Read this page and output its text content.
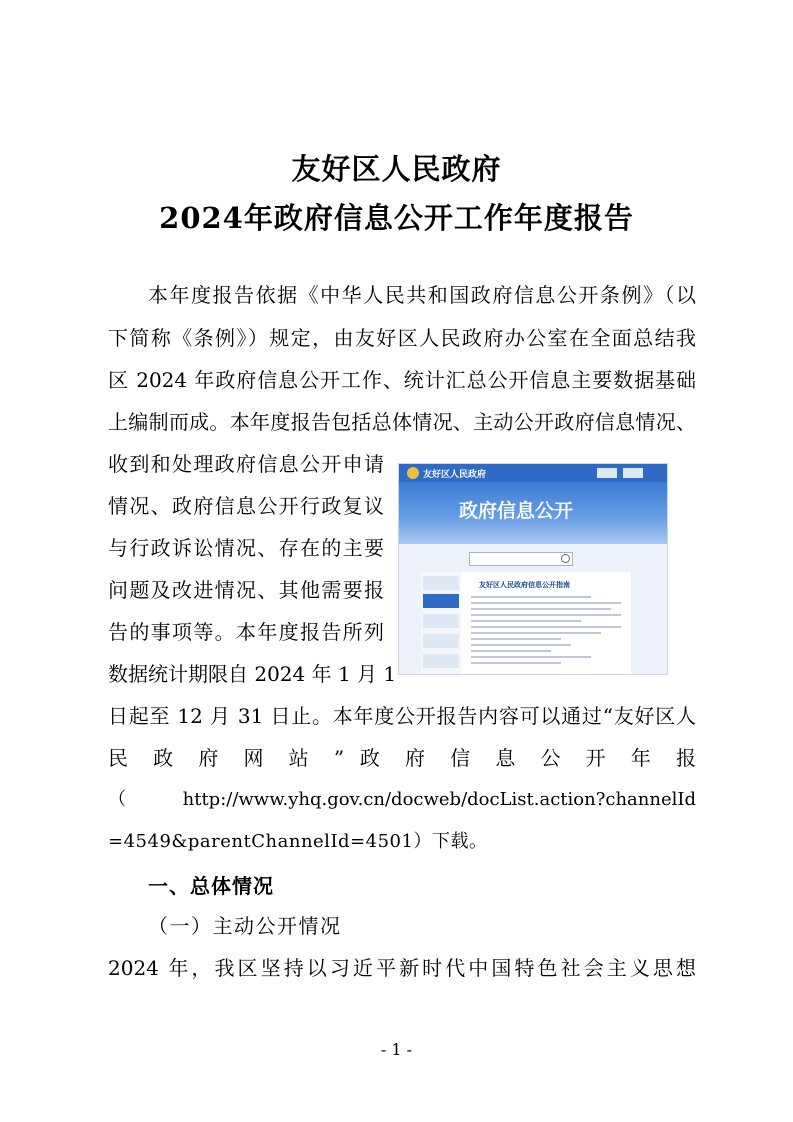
友好区人民政府
2024年政府信息公开工作年度报告
本年度报告依据《中华人民共和国政府信息公开条例》（以
下简称《条例》）规定，由友好区人民政府办公室在全面总结我
区 2024 年政府信息公开工作、统计汇总公开信息主要数据基础
上编制而成。本年度报告包括总体情况、主动公开政府信息情况、
收到和处理政府信息公开申请
情况、政府信息公开行政复议
与行政诉讼情况、存在的主要
问题及改进情况、其他需要报
告的事项等。本年度报告所列
数据统计期限自 2024 年 1 月 1
日起至 12 月 31 日止。本年度公开报告内容可以通过“友好区人
民 政 府 网 站 ” 政 府 信 息 公 开 年 报
（ http://www.yhq.gov.cn/docweb/docList.action?channelId
=4549&parentChannelId=4501）下载。
一、总体情况
（一）主动公开情况
2024 年，我区坚持以习近平新时代中国特色社会主义思想
友好区人民政府
政府信息公开
友好区人民政府信息公开指南
- 1 -
